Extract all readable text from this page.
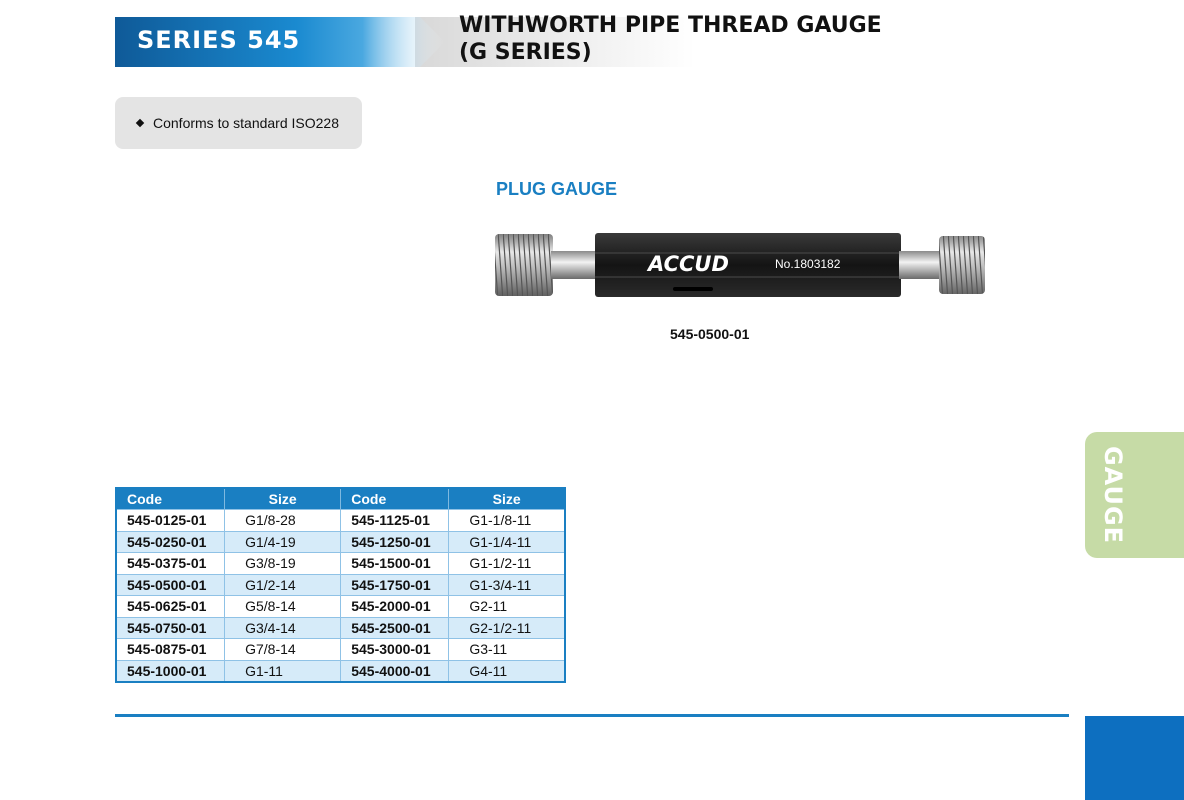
SERIES 545
WITHWORTH PIPE THREAD GAUGE
(G SERIES)
Conforms to standard ISO228
PLUG GAUGE
ACCUD	No.1803182
545-0500-01
Code	Size	Code	Size
545-0125-01	G1/8-28	545-1125-01	G1-1/8-11
545-0250-01	G1/4-19	545-1250-01	G1-1/4-11
545-0375-01	G3/8-19	545-1500-01	G1-1/2-11
545-0500-01	G1/2-14	545-1750-01	G1-3/4-11
545-0625-01	G5/8-14	545-2000-01	G2-11
545-0750-01	G3/4-14	545-2500-01	G2-1/2-11
545-0875-01	G7/8-14	545-3000-01	G3-11
545-1000-01	G1-11	545-4000-01	G4-11
GAUGE
